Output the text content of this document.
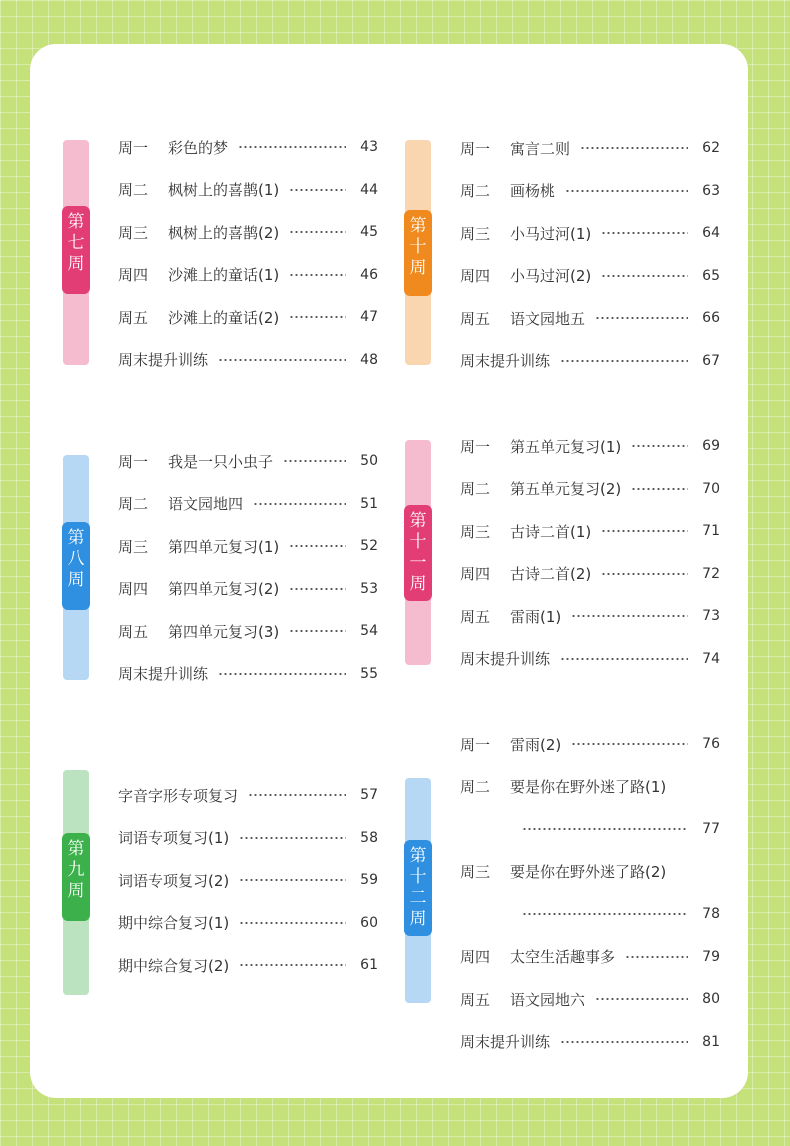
第七周
周一	彩色的梦	43
周二	枫树上的喜鹊(1)	44
周三	枫树上的喜鹊(2)	45
周四	沙滩上的童话(1)	46
周五	沙滩上的童话(2)	47
周末提升训练	48
第八周
周一	我是一只小虫子	50
周二	语文园地四	51
周三	第四单元复习(1)	52
周四	第四单元复习(2)	53
周五	第四单元复习(3)	54
周末提升训练	55
第九周
字音字形专项复习	57
词语专项复习(1)	58
词语专项复习(2)	59
期中综合复习(1)	60
期中综合复习(2)	61
第十周
周一	寓言二则	62
周二	画杨桃	63
周三	小马过河(1)	64
周四	小马过河(2)	65
周五	语文园地五	66
周末提升训练	67
第十一周
周一	第五单元复习(1)	69
周二	第五单元复习(2)	70
周三	古诗二首(1)	71
周四	古诗二首(2)	72
周五	雷雨(1)	73
周末提升训练	74
第十二周
周一	雷雨(2)	76
周二	要是你在野外迷了路(1)
77
周三	要是你在野外迷了路(2)
78
周四	太空生活趣事多	79
周五	语文园地六	80
周末提升训练	81
